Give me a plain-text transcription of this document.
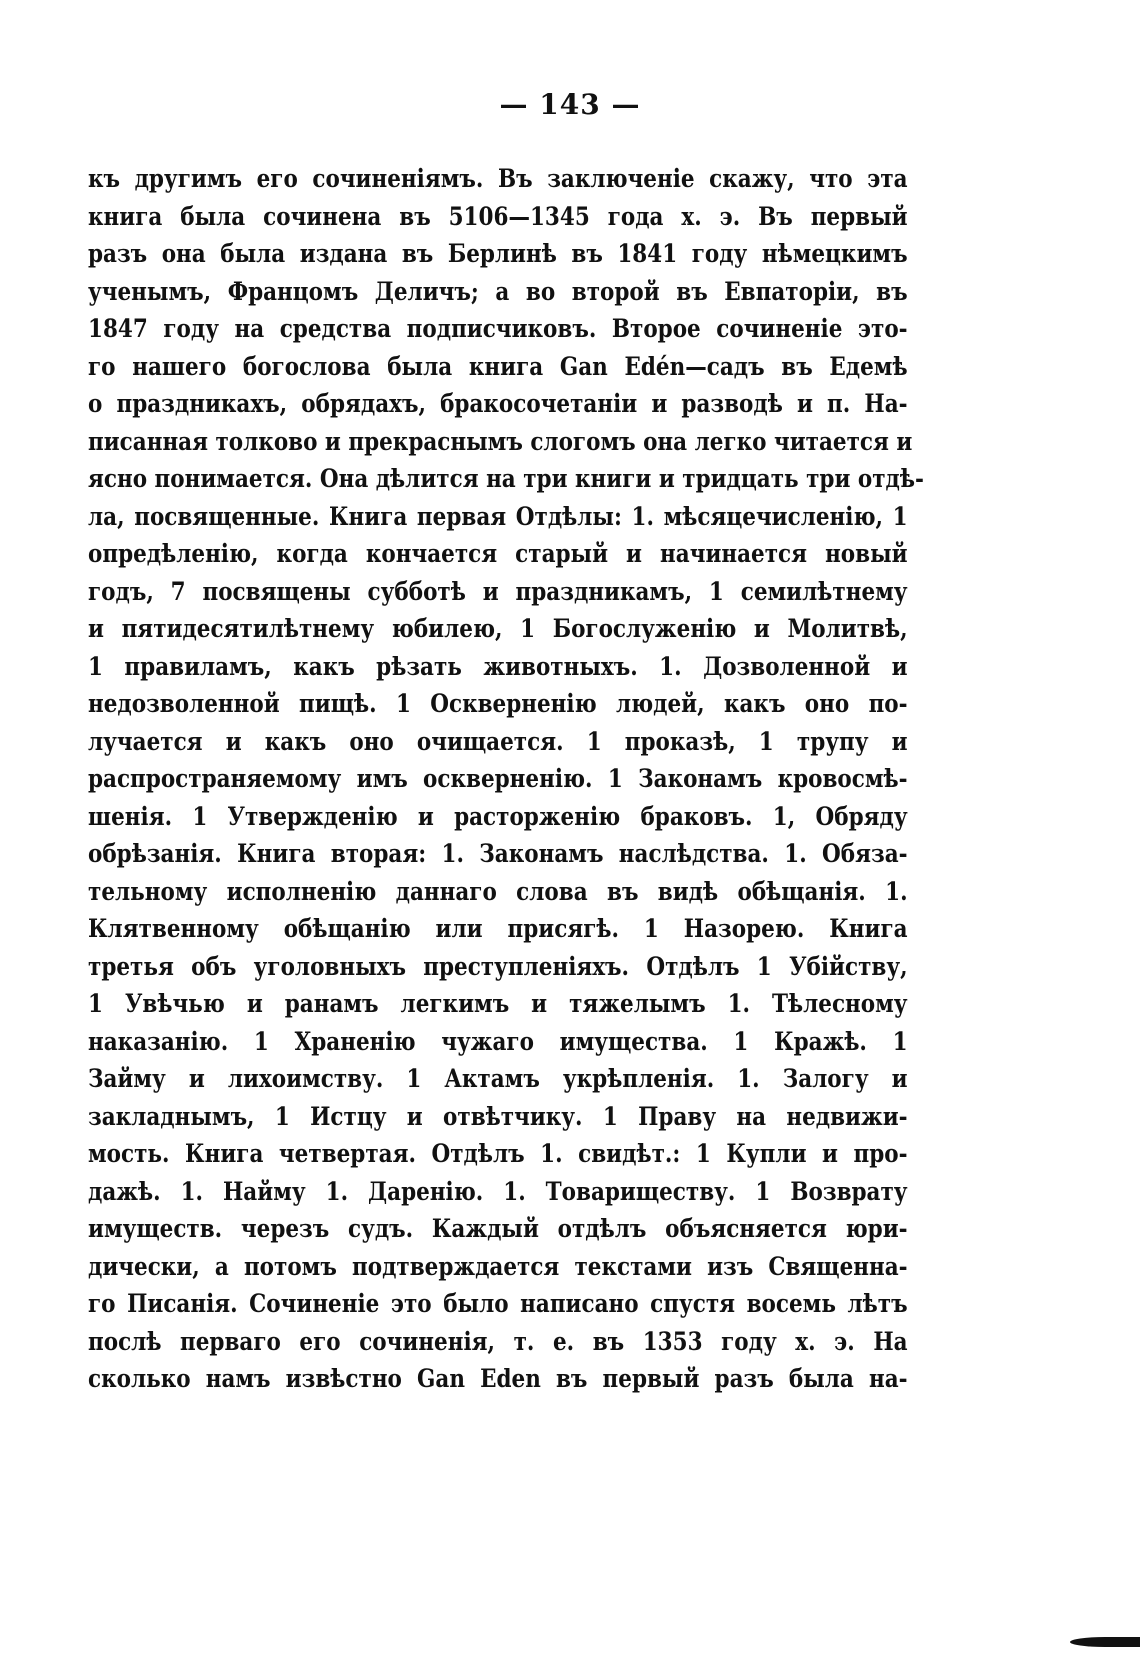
— 143 —
къ другимъ его сочиненіямъ. Въ заключеніе скажу, что эта
книга была сочинена въ 5106—1345 года х. э. Въ первый
разъ она была издана въ Берлинѣ въ 1841 году нѣмецкимъ
ученымъ, Францомъ Деличъ; а во второй въ Евпаторіи, въ
1847 году на средства подписчиковъ. Второе сочиненіе это-
го нашего богослова была книга Gan Edén—садъ въ Едемѣ
о праздникахъ, обрядахъ, бракосочетаніи и разводѣ и п. На-
писанная толково и прекраснымъ слогомъ она легко читается и
ясно понимается. Она дѣлится на три книги и тридцать три отдѣ-
ла, посвященные. Книга первая Отдѣлы: 1. мѣсяцечисленію, 1
опредѣленію, когда кончается старый и начинается новый
годъ, 7 посвящены субботѣ и праздникамъ, 1 семилѣтнему
и пятидесятилѣтнему юбилею, 1 Богослуженію и Молитвѣ,
1 правиламъ, какъ рѣзать животныхъ. 1. Дозволенной и
недозволенной пищѣ. 1 Оскверненію людей, какъ оно по-
лучается и какъ оно очищается. 1 проказѣ, 1 трупу и
распространяемому имъ оскверненію. 1 Законамъ кровосмѣ-
шенія. 1 Утвержденію и расторженію браковъ. 1, Обряду
обрѣзанія. Книга вторая: 1. Законамъ наслѣдства. 1. Обяза-
тельному исполненію даннаго слова въ видѣ обѣщанія. 1.
Клятвенному обѣщанію или присягѣ. 1 Назорею. Книга
третья объ уголовныхъ преступленіяхъ. Отдѣлъ 1 Убійству,
1 Увѣчью и ранамъ легкимъ и тяжелымъ 1. Тѣлесному
наказанію. 1 Храненію чужаго имущества. 1 Кражѣ. 1
Займу и лихоимству. 1 Актамъ укрѣпленія. 1. Залогу и
закладнымъ, 1 Истцу и отвѣтчику. 1 Праву на недвижи-
мость. Книга четвертая. Отдѣлъ 1. свидѣт.: 1 Купли и про-
дажѣ. 1. Найму 1. Даренію. 1. Товариществу. 1 Возврату
имуществ. черезъ судъ. Каждый отдѣлъ объясняется юри-
дически, а потомъ подтверждается текстами изъ Священна-
го Писанія. Сочиненіе это было написано спустя восемь лѣтъ
послѣ перваго его сочиненія, т. е. въ 1353 году х. э. На
сколько намъ извѣстно Gan Eden въ первый разъ была на-
